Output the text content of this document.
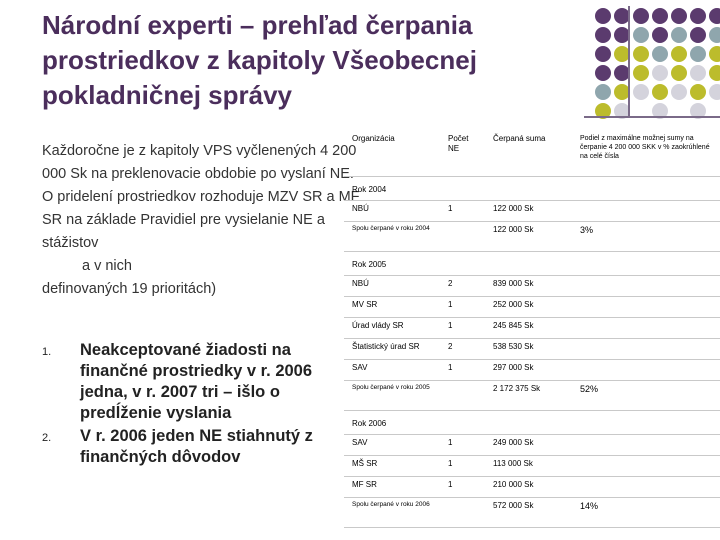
Národní experti – prehľad čerpania prostriedkov z kapitoly Všeobecnej pokladničnej správy
Každoročne je z kapitoly VPS vyčlenených 4 200 000 Sk na preklenovacie obdobie po vyslaní NE. O pridelení prostriedkov rozhoduje MZV SR a MF SR na základe Pravidiel pre vysielanie NE a stážistov
a v nich
definovaných 19 prioritách)
1. Neakceptované žiadosti na finančné prostriedky v r. 2006 jedna, v r. 2007 tri – išlo o predĺženie vyslania
2. V r. 2006 jeden NE stiahnutý z finančných dôvodov
Organizácia	Počet NE	Čerpaná suma	Podiel z maximálne možnej sumy na čerpanie 4 200 000 SKK v % zaokrúhlené na celé čísla
Rok 2004			
NBÚ	1	122 000 Sk	
Spolu čerpané v roku 2004		122 000 Sk	3%
Rok 2005			
NBÚ	2	839 000 Sk	
MV SR	1	252 000 Sk	
Úrad vlády SR	1	245 845 Sk	
Štatistický úrad SR	2	538 530 Sk	
SAV	1	297 000 Sk	
Spolu čerpané v roku 2005		2 172 375 Sk	52%
Rok 2006			
SAV	1	249 000 Sk	
MŠ SR	1	113 000 Sk	
MF SR	1	210 000 Sk	
Spolu čerpané v roku 2006		572 000 Sk	14%
